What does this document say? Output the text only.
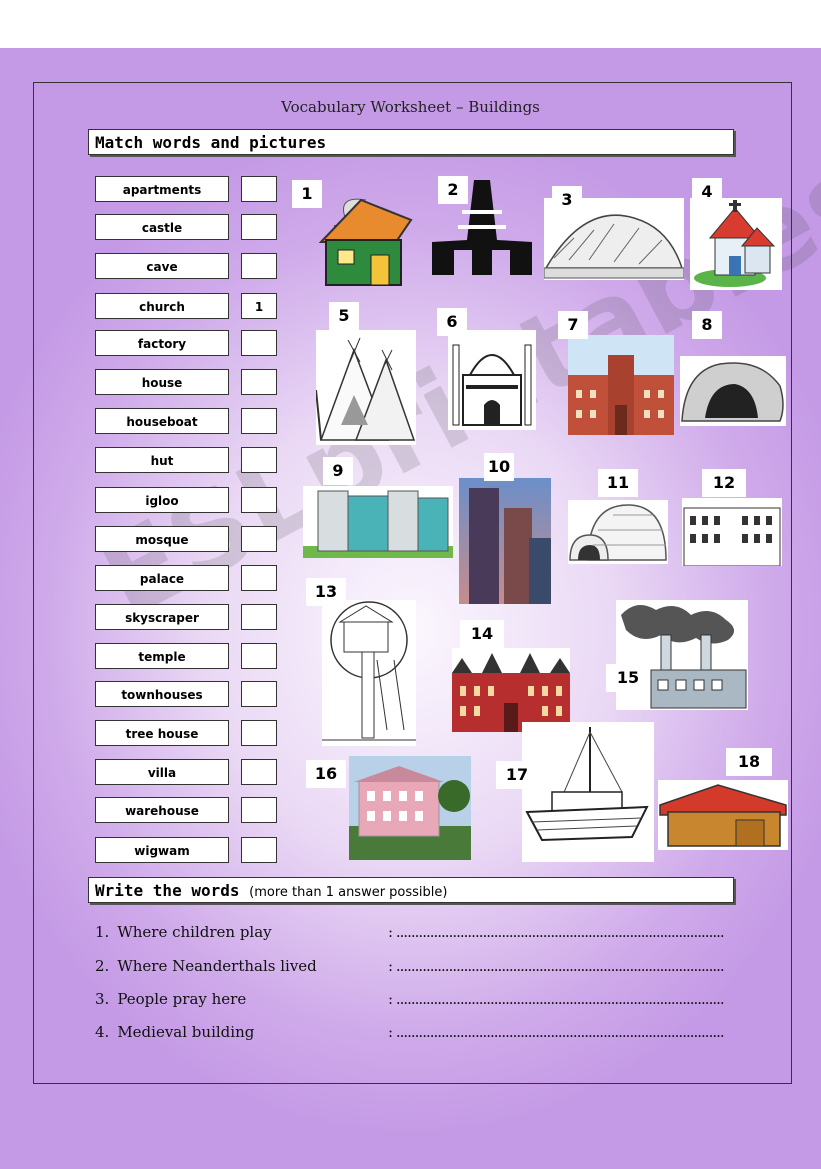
Vocabulary Worksheet – Buildings
Match words and pictures
apartments
castle
cave
church	1
factory
house
houseboat
hut
igloo
mosque
palace
skyscraper
temple
townhouses
tree house
villa
warehouse
wigwam
1	2
3	4
5	6	7	8
9	10
11	12
13
14
15
16	17
18
Write the words (more than 1 answer possible)
1. Where children play	: .......................................................................................
2. Where Neanderthals lived	: .......................................................................................
3. People pray here	: .......................................................................................
4. Medieval building	: .......................................................................................
